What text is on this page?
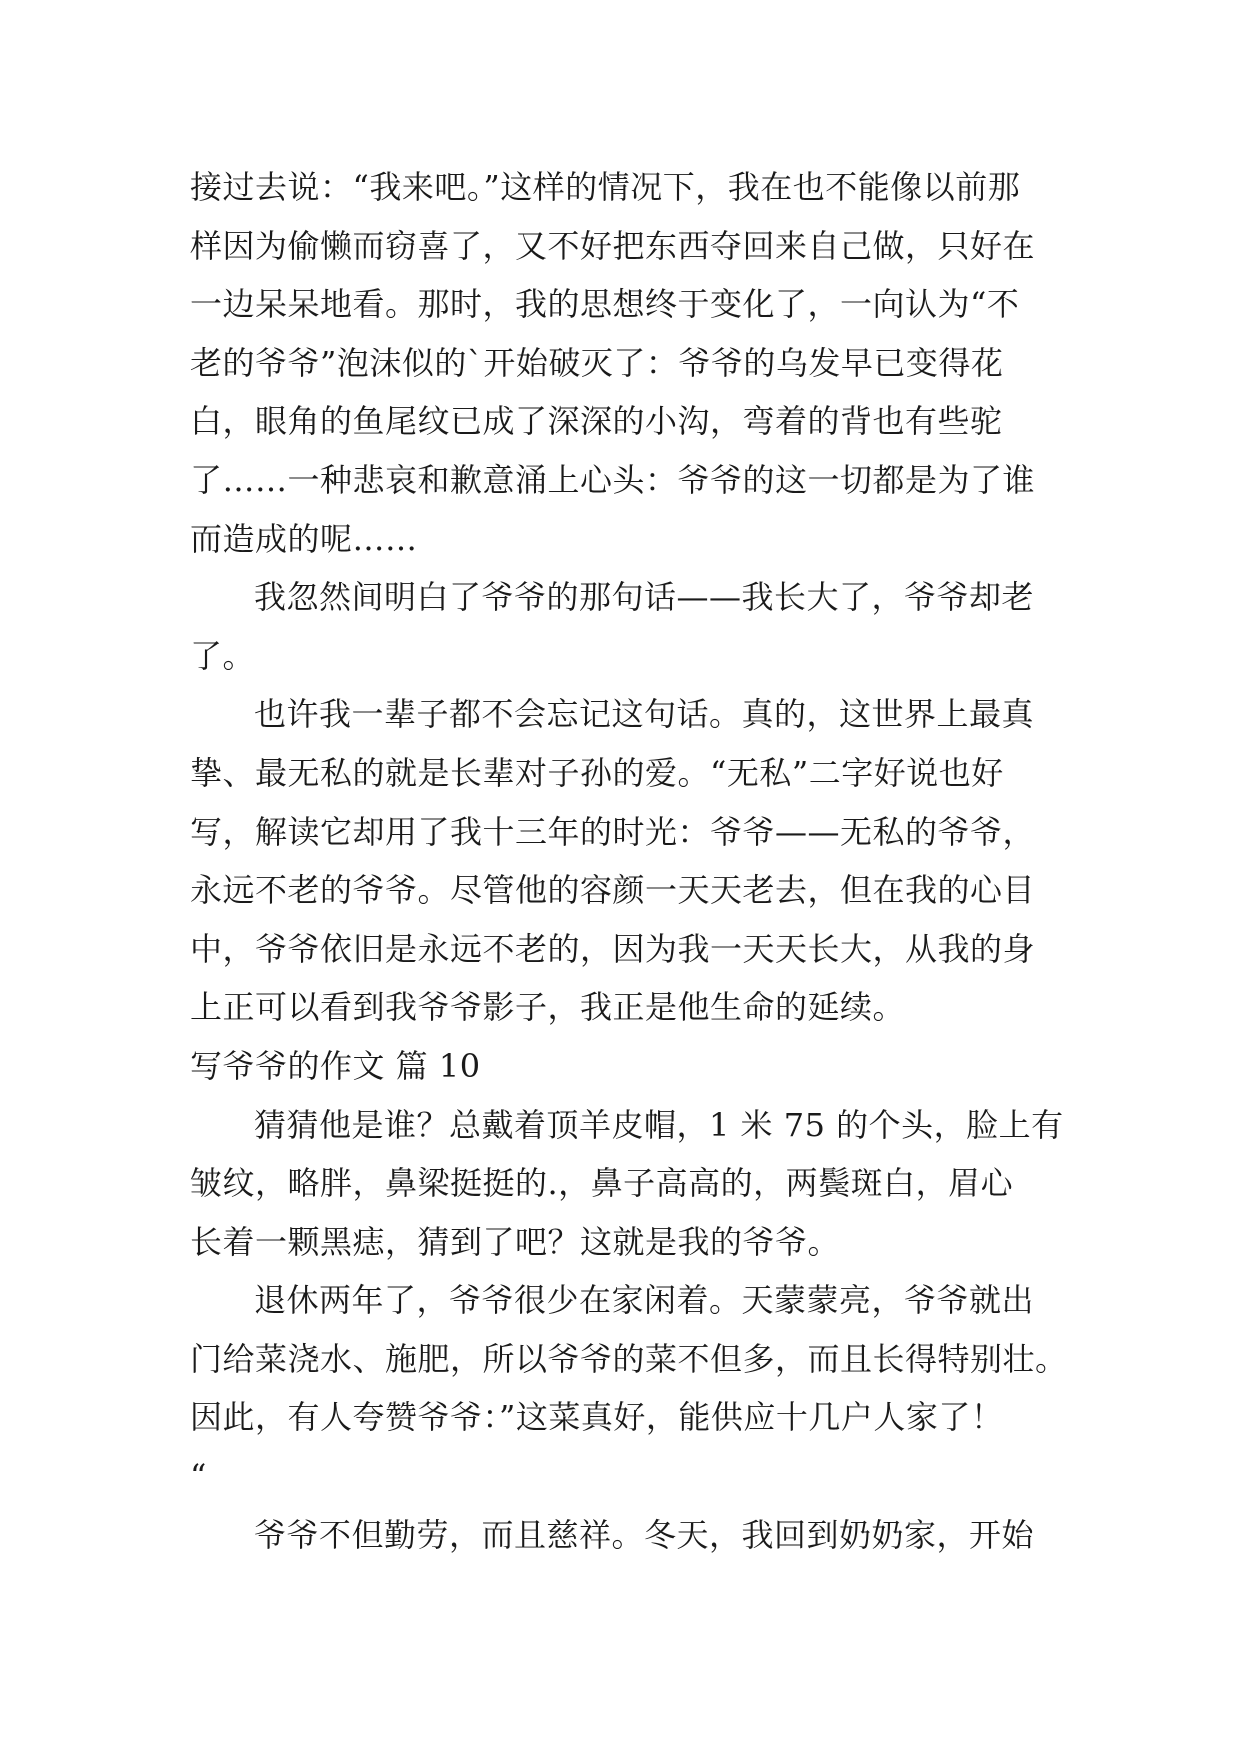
接过去说：“我来吧。”这样的情况下，我在也不能像以前那
样因为偷懒而窃喜了，又不好把东西夺回来自己做，只好在
一边呆呆地看。那时，我的思想终于变化了，一向认为“不
老的爷爷”泡沫似的`开始破灭了：爷爷的乌发早已变得花
白，眼角的鱼尾纹已成了深深的小沟，弯着的背也有些驼
了……一种悲哀和歉意涌上心头：爷爷的这一切都是为了谁
而造成的呢……
我忽然间明白了爷爷的那句话——我长大了，爷爷却老
了。
也许我一辈子都不会忘记这句话。真的，这世界上最真
挚、最无私的就是长辈对子孙的爱。“无私”二字好说也好
写，解读它却用了我十三年的时光：爷爷——无私的爷爷，
永远不老的爷爷。尽管他的容颜一天天老去，但在我的心目
中，爷爷依旧是永远不老的，因为我一天天长大，从我的身
上正可以看到我爷爷影子，我正是他生命的延续。
写爷爷的作文 篇 10
猜猜他是谁？总戴着顶羊皮帽，1 米 75 的个头，脸上有
皱纹，略胖，鼻梁挺挺的.，鼻子高高的，两鬓斑白，眉心
长着一颗黑痣，猜到了吧？这就是我的爷爷。
退休两年了，爷爷很少在家闲着。天蒙蒙亮，爷爷就出
门给菜浇水、施肥，所以爷爷的菜不但多，而且长得特别壮。
因此，有人夸赞爷爷：”这菜真好，能供应十几户人家了！
“
爷爷不但勤劳，而且慈祥。冬天，我回到奶奶家，开始
